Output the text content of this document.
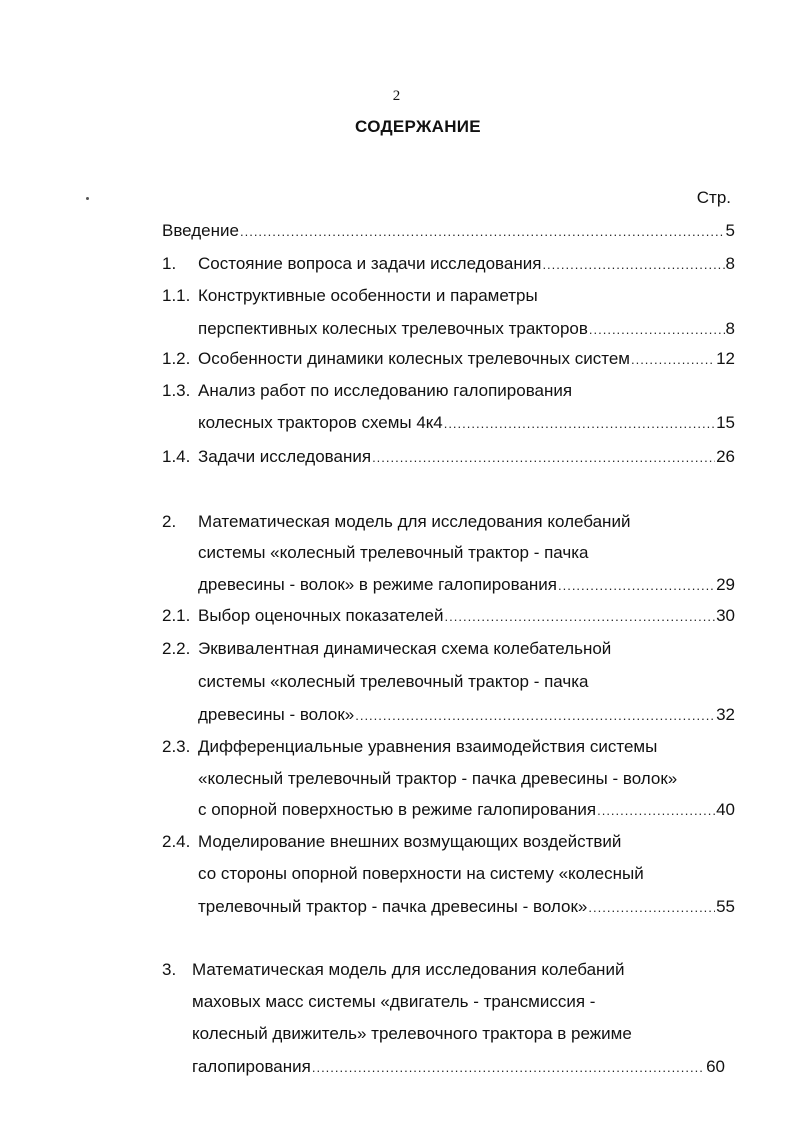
2
СОДЕРЖАНИЕ
Стр.
Введение .....	5
1.	Состояние вопроса и задачи исследования .....	8
1.1. Конструктивные особенности и параметры
перспективных колесных трелевочных тракторов .....	8
1.2. Особенности динамики колесных трелевочных систем .....	12
1.3. Анализ работ по исследованию галопирования
колесных тракторов схемы 4к4 .....	15
1.4. Задачи исследования .....	26
2. Математическая модель для исследования колебаний
системы «колесный трелевочный трактор - пачка
древесины - волок» в режиме галопирования .....	29
2.1. Выбор оценочных показателей .....	30
2.2. Эквивалентная динамическая схема колебательной
системы «колесный трелевочный трактор - пачка
древесины - волок» .....	32
2.3. Дифференциальные уравнения взаимодействия системы
«колесный трелевочный трактор - пачка древесины - волок»
с опорной поверхностью в режиме галопирования .....	40
2.4. Моделирование внешних возмущающих воздействий
со стороны опорной поверхности на систему «колесный
трелевочный трактор - пачка древесины - волок» .....	55
3. Математическая модель для исследования колебаний
маховых масс системы «двигатель - трансмиссия -
колесный движитель» трелевочного трактора в режиме
галопирования .....	60
